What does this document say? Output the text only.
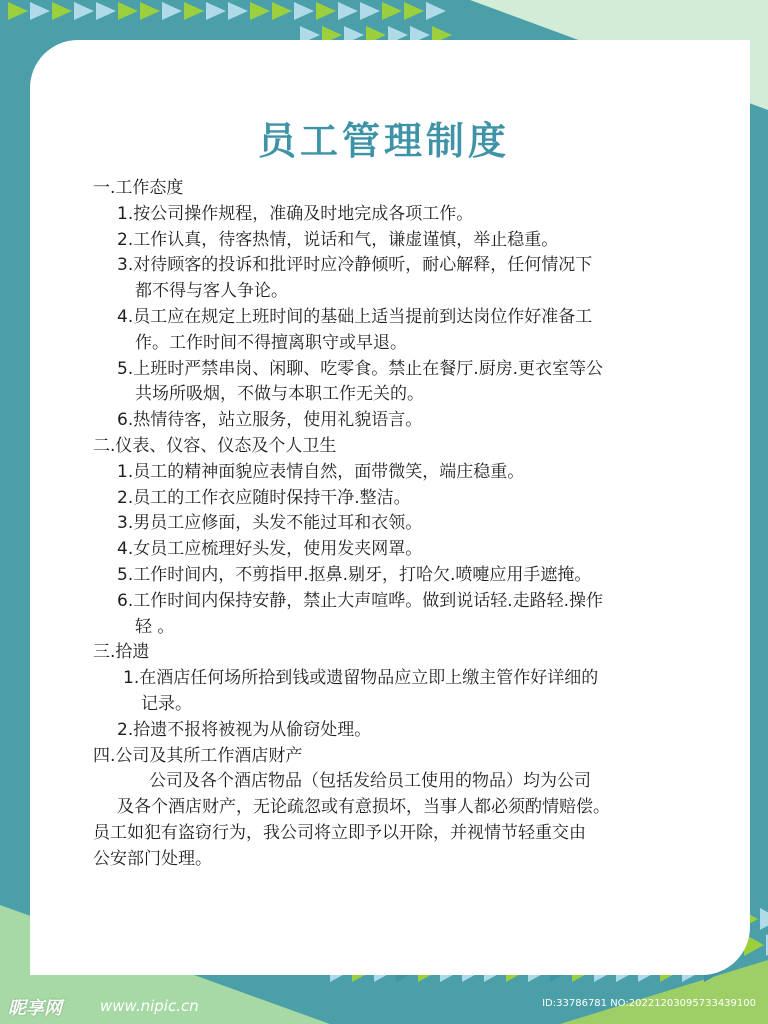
员工管理制度
一.工作态度
1.按公司操作规程，准确及时地完成各项工作。
2.工作认真，待客热情，说话和气，谦虚谨慎，举止稳重。
3.对待顾客的投诉和批评时应冷静倾听，耐心解释，任何情况下
都不得与客人争论。
4.员工应在规定上班时间的基础上适当提前到达岗位作好准备工
作。工作时间不得擅离职守或早退。
5.上班时严禁串岗、闲聊、吃零食。禁止在餐厅.厨房.更衣室等公
共场所吸烟，不做与本职工作无关的。
6.热情待客，站立服务，使用礼貌语言。
二.仪表、仪容、仪态及个人卫生
1.员工的精神面貌应表情自然，面带微笑，端庄稳重。
2.员工的工作衣应随时保持干净.整洁。
3.男员工应修面，头发不能过耳和衣领。
4.女员工应梳理好头发，使用发夹网罩。
5.工作时间内，不剪指甲.抠鼻.剔牙，打哈欠.喷嚏应用手遮掩。
6.工作时间内保持安静，禁止大声喧哗。做到说话轻.走路轻.操作
轻 。
三.拾遗
1.在酒店任何场所拾到钱或遗留物品应立即上缴主管作好详细的
记录。
2.拾遗不报将被视为从偷窃处理。
四.公司及其所工作酒店财产
公司及各个酒店物品（包括发给员工使用的物品）均为公司
及各个酒店财产，无论疏忽或有意损坏，当事人都必须酌情赔偿。
员工如犯有盗窃行为，我公司将立即予以开除，并视情节轻重交由
公安部门处理。
昵享网	www.nipic.cn	ID:33786781 NO:20221203095733439100
